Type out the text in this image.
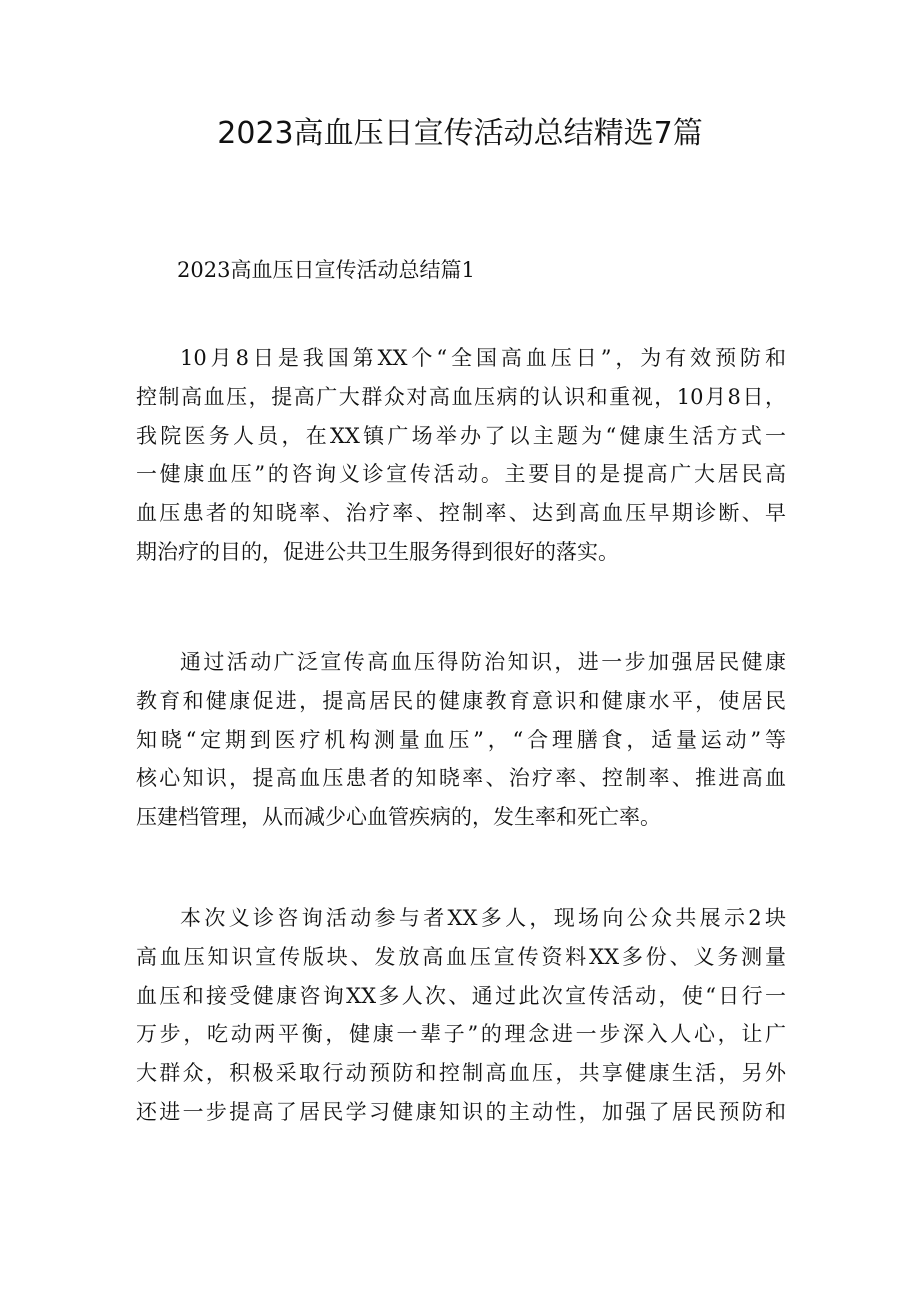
2023高血压日宣传活动总结精选7篇
2023高血压日宣传活动总结篇1
10月8日是我国第XX个“全国高血压日”，为有效预防和
控制高血压，提高广大群众对高血压病的认识和重视，10月8日，
我院医务人员，在XX镇广场举办了以主题为“健康生活方式一
一健康血压”的咨询义诊宣传活动。主要目的是提高广大居民高
血压患者的知晓率、治疗率、控制率、达到高血压早期诊断、早
期治疗的目的，促进公共卫生服务得到很好的落实。
通过活动广泛宣传高血压得防治知识，进一步加强居民健康
教育和健康促进，提高居民的健康教育意识和健康水平，使居民
知晓“定期到医疗机构测量血压”，“合理膳食，适量运动”等
核心知识，提高血压患者的知晓率、治疗率、控制率、推进高血
压建档管理，从而减少心血管疾病的，发生率和死亡率。
本次义诊咨询活动参与者XX多人，现场向公众共展示2块
高血压知识宣传版块、发放高血压宣传资料XX多份、义务测量
血压和接受健康咨询XX多人次、通过此次宣传活动，使“日行一
万步，吃动两平衡，健康一辈子”的理念进一步深入人心，让广
大群众，积极采取行动预防和控制高血压，共享健康生活，另外
还进一步提高了居民学习健康知识的主动性，加强了居民预防和
